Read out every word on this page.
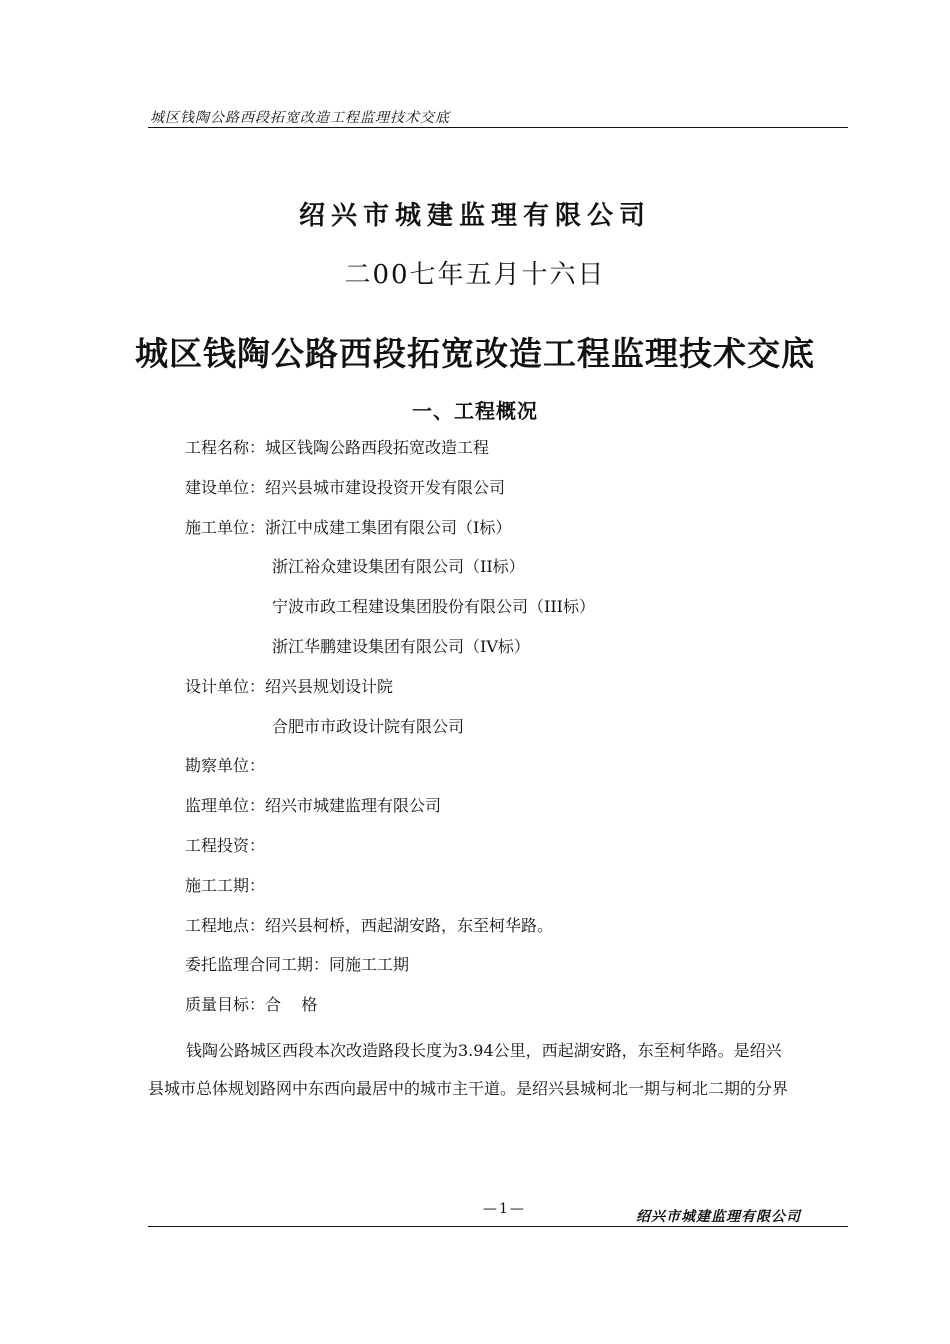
城区钱陶公路西段拓宽改造工程监理技术交底
绍兴市城建监理有限公司
二00七年五月十六日
城区钱陶公路西段拓宽改造工程监理技术交底
一、工程概况
工程名称：城区钱陶公路西段拓宽改造工程
建设单位：绍兴县城市建设投资开发有限公司
施工单位：浙江中成建工集团有限公司（I标）
浙江裕众建设集团有限公司（II标）
宁波市政工程建设集团股份有限公司（III标）
浙江华鹏建设集团有限公司（IV标）
设计单位：绍兴县规划设计院
合肥市市政设计院有限公司
勘察单位：
监理单位：绍兴市城建监理有限公司
工程投资：
施工工期：
工程地点：绍兴县柯桥，西起湖安路，东至柯华路。
委托监理合同工期：同施工工期
质量目标：合    格
钱陶公路城区西段本次改造路段长度为3.94公里，西起湖安路，东至柯华路。是绍兴
县城市总体规划路网中东西向最居中的城市主干道。是绍兴县城柯北一期与柯北二期的分界
—1—	绍兴市城建监理有限公司
